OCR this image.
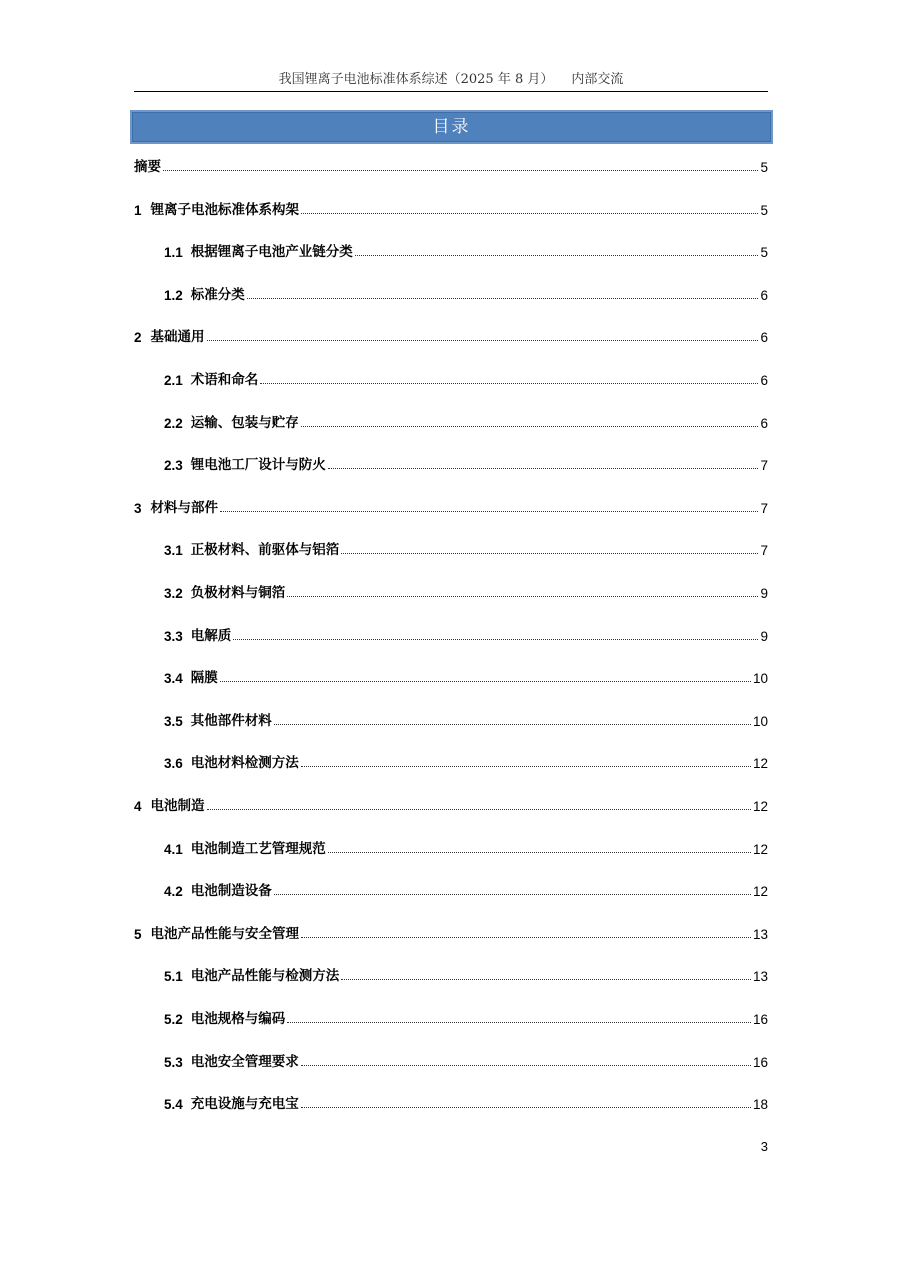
我国锂离子电池标准体系综述（2025 年 8 月） 内部交流
目录
摘要	5
1 锂离子电池标准体系构架	5
1.1 根据锂离子电池产业链分类	5
1.2 标准分类	6
2 基础通用	6
2.1 术语和命名	6
2.2 运输、包装与贮存	6
2.3 锂电池工厂设计与防火	7
3 材料与部件	7
3.1 正极材料、前驱体与铝箔	7
3.2 负极材料与铜箔	9
3.3 电解质	9
3.4 隔膜	10
3.5 其他部件材料	10
3.6 电池材料检测方法	12
4 电池制造	12
4.1 电池制造工艺管理规范	12
4.2 电池制造设备	12
5 电池产品性能与安全管理	13
5.1 电池产品性能与检测方法	13
5.2 电池规格与编码	16
5.3 电池安全管理要求	16
5.4 充电设施与充电宝	18
3
